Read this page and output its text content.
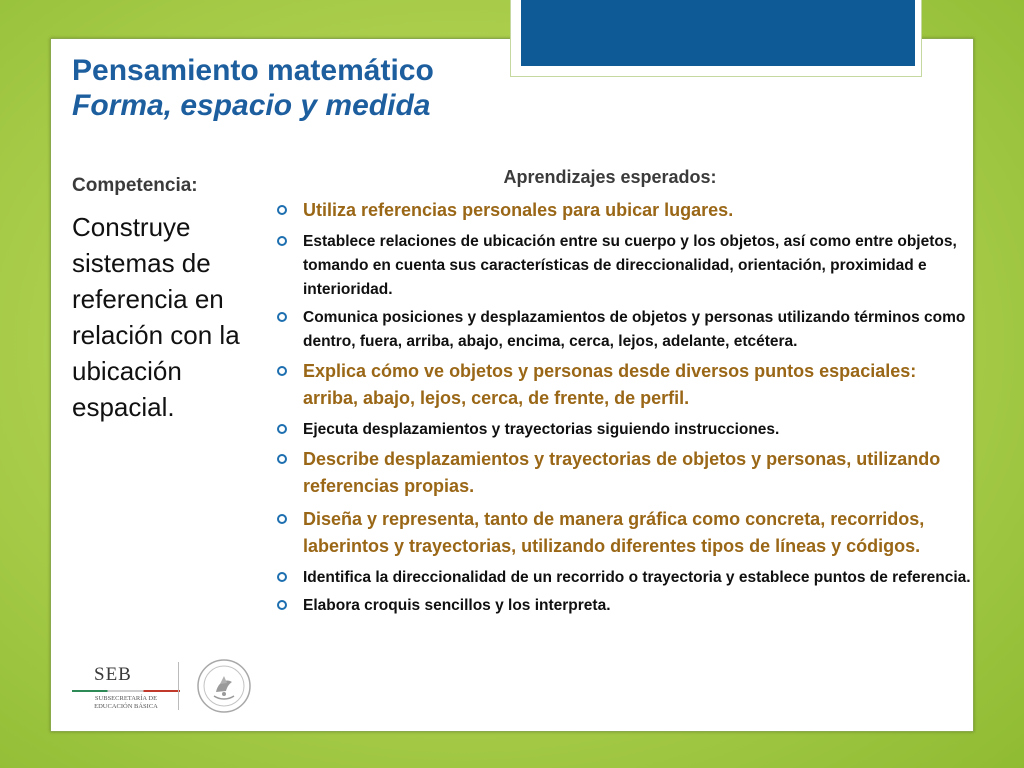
Pensamiento matemático
Forma, espacio y medida
Competencia:
Construye sistemas de referencia en relación con la ubicación espacial.
Aprendizajes esperados:
Utiliza referencias personales para ubicar lugares.
Establece relaciones de ubicación entre su cuerpo y los objetos, así como entre objetos, tomando en cuenta sus características de direccionalidad, orientación, proximidad e interioridad.
Comunica posiciones y desplazamientos de objetos y personas utilizando términos como dentro, fuera, arriba, abajo, encima, cerca, lejos, adelante, etcétera.
Explica cómo ve objetos y personas desde diversos puntos espaciales: arriba, abajo, lejos, cerca, de frente, de perfil.
Ejecuta desplazamientos y trayectorias siguiendo instrucciones.
Describe desplazamientos y trayectorias de objetos y personas, utilizando referencias propias.
Diseña y representa, tanto de manera gráfica como concreta, recorridos, laberintos y trayectorias, utilizando diferentes tipos de líneas y códigos.
Identifica la direccionalidad de un recorrido o trayectoria y establece puntos de referencia.
Elabora croquis sencillos y los interpreta.
SEB
SUBSECRETARÍA DE
EDUCACIÓN BÁSICA
